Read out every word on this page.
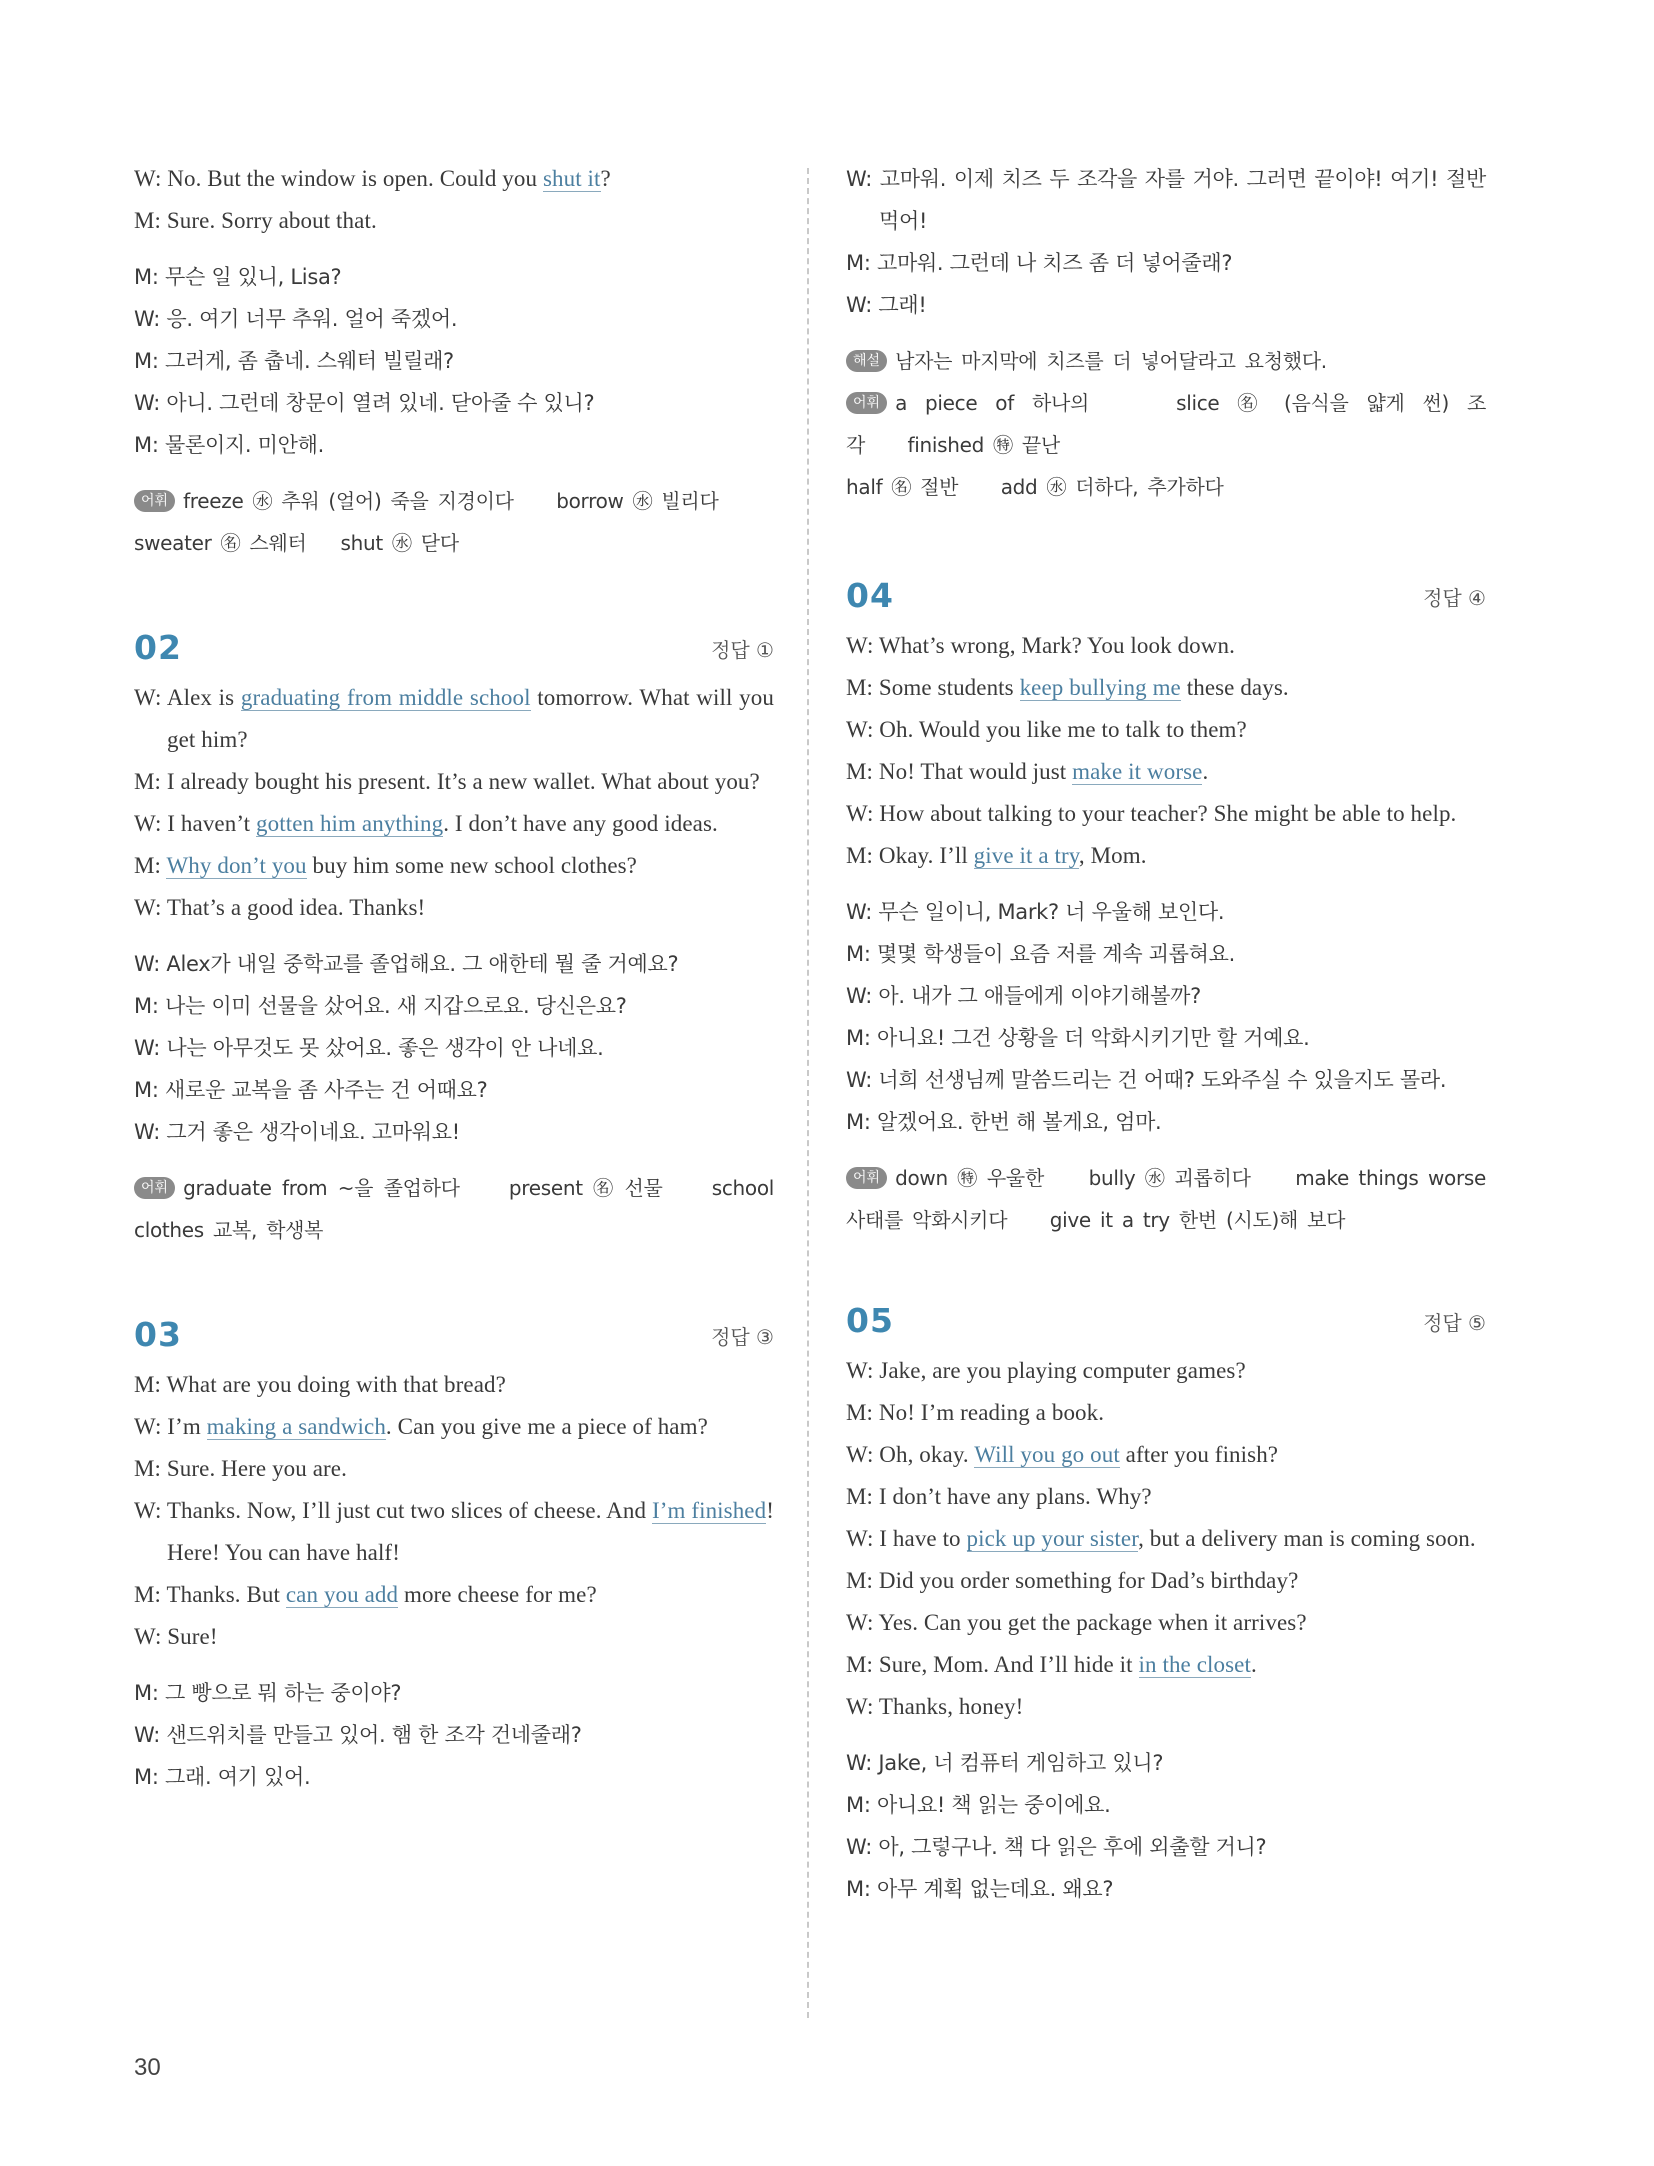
W: No. But the window is open. Could you shut it?
M: Sure. Sorry about that.
M: 무슨 일 있니, Lisa?
W: 응. 여기 너무 추워. 얼어 죽겠어.
M: 그러게, 좀 춥네. 스웨터 빌릴래?
W: 아니. 그런데 창문이 열려 있네. 닫아줄 수 있니?
M: 물론이지. 미안해.
어휘 freeze ㊌ 추워 (얼어) 죽을 지경이다 borrow ㊌ 빌리다
sweater ㊔ 스웨터 shut ㊌ 닫다
02	정답 ①
W: Alex is graduating from middle school tomorrow. What will you get him?
M: I already bought his present. It’s a new wallet. What about you?
W: I haven’t gotten him anything. I don’t have any good ideas.
M: Why don’t you buy him some new school clothes?
W: That’s a good idea. Thanks!
W: Alex가 내일 중학교를 졸업해요. 그 애한테 뭘 줄 거예요?
M: 나는 이미 선물을 샀어요. 새 지갑으로요. 당신은요?
W: 나는 아무것도 못 샀어요. 좋은 생각이 안 나네요.
M: 새로운 교복을 좀 사주는 건 어때요?
W: 그거 좋은 생각이네요. 고마워요!
어휘 graduate from ~을 졸업하다 present ㊔ 선물 school clothes 교복, 학생복
03	정답 ③
M: What are you doing with that bread?
W: I’m making a sandwich. Can you give me a piece of ham?
M: Sure. Here you are.
W: Thanks. Now, I’ll just cut two slices of cheese. And I’m finished! Here! You can have half!
M: Thanks. But can you add more cheese for me?
W: Sure!
M: 그 빵으로 뭐 하는 중이야?
W: 샌드위치를 만들고 있어. 햄 한 조각 건네줄래?
M: 그래. 여기 있어.
W: 고마워. 이제 치즈 두 조각을 자를 거야. 그러면 끝이야! 여기! 절반 먹어!
M: 고마워. 그런데 나 치즈 좀 더 넣어줄래?
W: 그래!
해설 남자는 마지막에 치즈를 더 넣어달라고 요청했다.
어휘 a piece of 하나의	slice ㊔ (음식을 얇게 썬) 조각 finished ㊕ 끝난
half ㊔ 절반 add ㊌ 더하다, 추가하다
04	정답 ④
W: What’s wrong, Mark? You look down.
M: Some students keep bullying me these days.
W: Oh. Would you like me to talk to them?
M: No! That would just make it worse.
W: How about talking to your teacher? She might be able to help.
M: Okay. I’ll give it a try, Mom.
W: 무슨 일이니, Mark? 너 우울해 보인다.
M: 몇몇 학생들이 요즘 저를 계속 괴롭혀요.
W: 아. 내가 그 애들에게 이야기해볼까?
M: 아니요! 그건 상황을 더 악화시키기만 할 거예요.
W: 너희 선생님께 말씀드리는 건 어때? 도와주실 수 있을지도 몰라.
M: 알겠어요. 한번 해 볼게요, 엄마.
어휘 down ㊕ 우울한 bully ㊌ 괴롭히다 make things worse 사태를 악화시키다 give it a try 한번 (시도)해 보다
05	정답 ⑤
W: Jake, are you playing computer games?
M: No! I’m reading a book.
W: Oh, okay. Will you go out after you finish?
M: I don’t have any plans. Why?
W: I have to pick up your sister, but a delivery man is coming soon.
M: Did you order something for Dad’s birthday?
W: Yes. Can you get the package when it arrives?
M: Sure, Mom. And I’ll hide it in the closet.
W: Thanks, honey!
W: Jake, 너 컴퓨터 게임하고 있니?
M: 아니요! 책 읽는 중이에요.
W: 아, 그렇구나. 책 다 읽은 후에 외출할 거니?
M: 아무 계획 없는데요. 왜요?
30
